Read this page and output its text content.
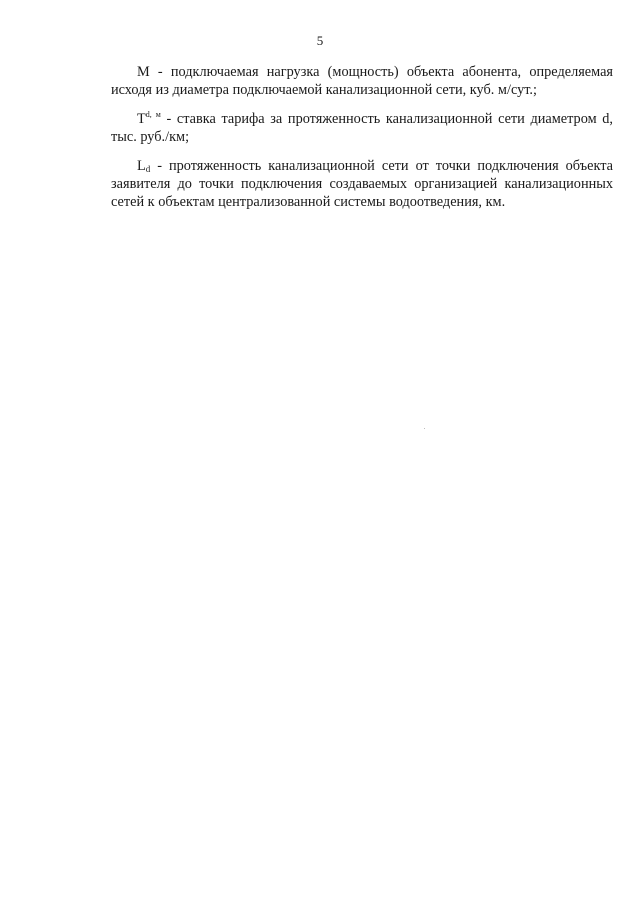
5

M - подключаемая нагрузка (мощность) объекта абонента, определяемая исходя из диаметра подключаемой канализационной сети, куб. м/сут.;

$T^{d, м}$ - ставка тарифа за протяженность канализационной сети диаметром d, тыс. руб./км;

$L_d$ - протяженность канализационной сети от точки подключения объекта заявителя до точки подключения создаваемых организацией канализационных сетей к объектам централизованной системы водоотведения, км.
